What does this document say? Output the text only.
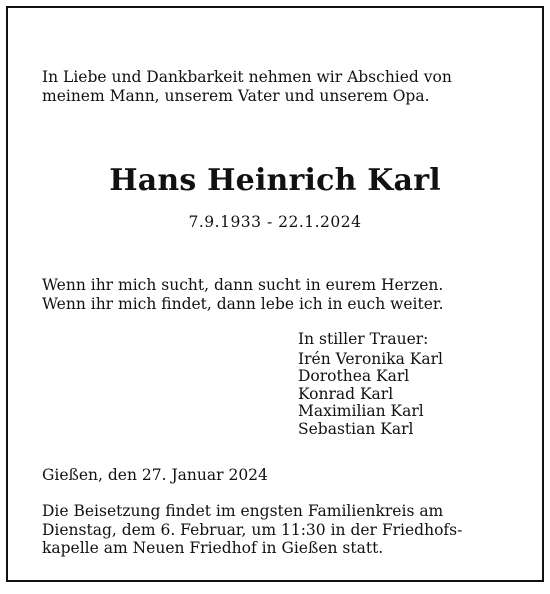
In Liebe und Dankbarkeit nehmen wir Abschied von
meinem Mann, unserem Vater und unserem Opa.
Hans Heinrich Karl
7.9.1933 - 22.1.2024
Wenn ihr mich sucht, dann sucht in eurem Herzen.
Wenn ihr mich findet, dann lebe ich in euch weiter.
In stiller Trauer:
Irén Veronika Karl
Dorothea Karl
Konrad Karl
Maximilian Karl
Sebastian Karl
Gießen, den 27. Januar 2024
Die Beisetzung findet im engsten Familienkreis am
Dienstag, dem 6. Februar, um 11:30 in der Friedhofs-
kapelle am Neuen Friedhof in Gießen statt.
